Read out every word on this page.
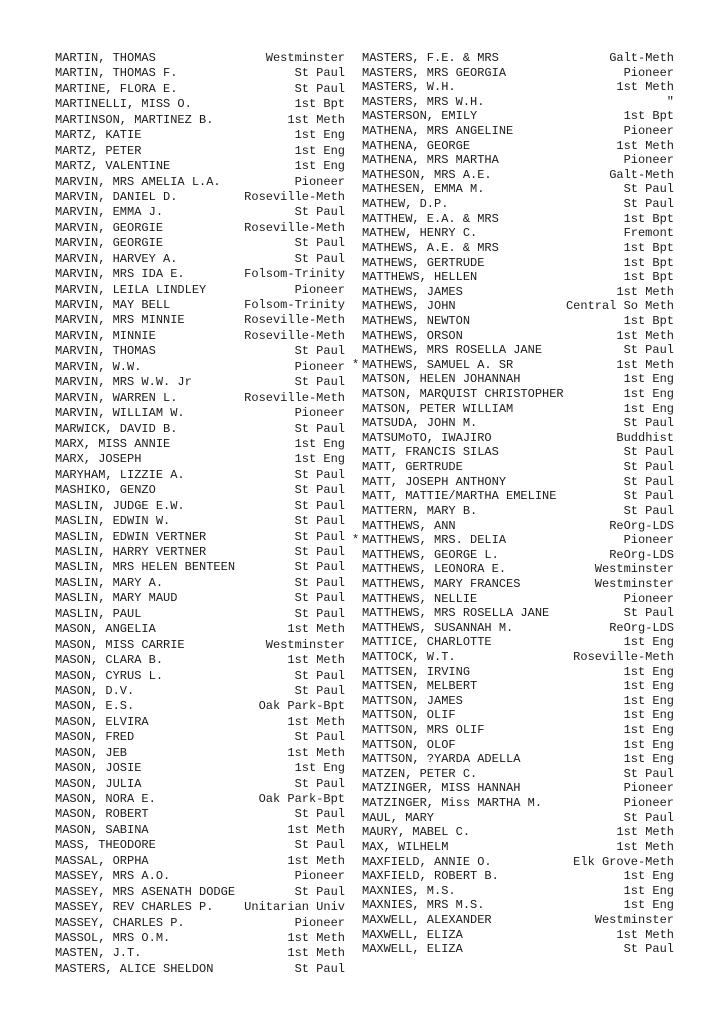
MARTIN, THOMAS	Westminster
MARTIN, THOMAS F.	St Paul
MARTINE, FLORA E.	St Paul
MARTINELLI, MISS O.	1st Bpt
MARTINSON, MARTINEZ B.	1st Meth
MARTZ, KATIE	1st Eng
MARTZ, PETER	1st Eng
MARTZ, VALENTINE	1st Eng
MARVIN, MRS AMELIA L.A.	Pioneer
MARVIN, DANIEL D.	Roseville-Meth
MARVIN, EMMA J.	St Paul
MARVIN, GEORGIE	Roseville-Meth
MARVIN, GEORGIE	St Paul
MARVIN, HARVEY A.	St Paul
MARVIN, MRS IDA E.	Folsom-Trinity
MARVIN, LEILA LINDLEY	Pioneer
MARVIN, MAY BELL	Folsom-Trinity
MARVIN, MRS MINNIE	Roseville-Meth
MARVIN, MINNIE	Roseville-Meth
MARVIN, THOMAS	St Paul
MARVIN, W.W.	Pioneer
MARVIN, MRS W.W. Jr	St Paul
MARVIN, WARREN L.	Roseville-Meth
MARVIN, WILLIAM W.	Pioneer
MARWICK, DAVID B.	St Paul
MARX, MISS ANNIE	1st Eng
MARX, JOSEPH	1st Eng
MARYHAM, LIZZIE A.	St Paul
MASHIKO, GENZO	St Paul
MASLIN, JUDGE E.W.	St Paul
MASLIN, EDWIN W.	St Paul
MASLIN, EDWIN VERTNER	St Paul
MASLIN, HARRY VERTNER	St Paul
MASLIN, MRS HELEN BENTEEN	St Paul
MASLIN, MARY A.	St Paul
MASLIN, MARY MAUD	St Paul
MASLIN, PAUL	St Paul
MASON, ANGELIA	1st Meth
MASON, MISS CARRIE	Westminster
MASON, CLARA B.	1st Meth
MASON, CYRUS L.	St Paul
MASON, D.V.	St Paul
MASON, E.S.	Oak Park-Bpt
MASON, ELVIRA	1st Meth
MASON, FRED	St Paul
MASON, JEB	1st Meth
MASON, JOSIE	1st Eng
MASON, JULIA	St Paul
MASON, NORA E.	Oak Park-Bpt
MASON, ROBERT	St Paul
MASON, SABINA	1st Meth
MASS, THEODORE	St Paul
MASSAL, ORPHA	1st Meth
MASSEY, MRS A.O.	Pioneer
MASSEY, MRS ASENATH DODGE	St Paul
MASSEY, REV CHARLES P.	Unitarian Univ
MASSEY, CHARLES P.	Pioneer
MASSOL, MRS O.M.	1st Meth
MASTEN, J.T.	1st Meth
MASTERS, ALICE SHELDON	St Paul
MASTERS, F.E. & MRS	Galt-Meth
MASTERS, MRS GEORGIA	Pioneer
MASTERS, W.H.	1st Meth
MASTERS, MRS W.H.	"
MASTERSON, EMILY	1st Bpt
MATHENA, MRS ANGELINE	Pioneer
MATHENA, GEORGE	1st Meth
MATHENA, MRS MARTHA	Pioneer
MATHESON, MRS A.E.	Galt-Meth
MATHESEN, EMMA M.	St Paul
MATHEW, D.P.	St Paul
MATTHEW, E.A. & MRS	1st Bpt
MATHEW, HENRY C.	Fremont
MATHEWS, A.E. & MRS	1st Bpt
MATHEWS, GERTRUDE	1st Bpt
MATTHEWS, HELLEN	1st Bpt
MATHEWS, JAMES	1st Meth
MATHEWS, JOHN	Central So Meth
MATHEWS, NEWTON	1st Bpt
MATHEWS, ORSON	1st Meth
MATHEWS, MRS ROSELLA JANE	St Paul
* MATHEWS, SAMUEL A. SR	1st Meth
MATSON, HELEN JOHANNAH	1st Eng
MATSON, MARQUIST CHRISTOPHER	1st Eng
MATSON, PETER WILLIAM	1st Eng
MATSUDA, JOHN M.	St Paul
MATSUMoTO, IWAJIRO	Buddhist
MATT, FRANCIS SILAS	St Paul
MATT, GERTRUDE	St Paul
MATT, JOSEPH ANTHONY	St Paul
MATT, MATTIE/MARTHA EMELINE	St Paul
MATTERN, MARY B.	St Paul
MATTHEWS, ANN	ReOrg-LDS
* MATTHEWS, MRS. DELIA	Pioneer
MATTHEWS, GEORGE L.	ReOrg-LDS
MATTHEWS, LEONORA E.	Westminster
MATTHEWS, MARY FRANCES	Westminster
MATTHEWS, NELLIE	Pioneer
MATTHEWS, MRS ROSELLA JANE	St Paul
MATTHEWS, SUSANNAH M.	ReOrg-LDS
MATTICE, CHARLOTTE	1st Eng
MATTOCK, W.T.	Roseville-Meth
MATTSEN, IRVING	1st Eng
MATTSEN, MELBERT	1st Eng
MATTSON, JAMES	1st Eng
MATTSON, OLIF	1st Eng
MATTSON, MRS OLIF	1st Eng
MATTSON, OLOF	1st Eng
MATTSON, ?YARDA ADELLA	1st Eng
MATZEN, PETER C.	St Paul
MATZINGER, MISS HANNAH	Pioneer
MATZINGER, Miss MARTHA M.	Pioneer
MAUL, MARY	St Paul
MAURY, MABEL C.	1st Meth
MAX, WILHELM	1st Meth
MAXFIELD, ANNIE O.	Elk Grove-Meth
MAXFIELD, ROBERT B.	1st Eng
MAXNIES, M.S.	1st Eng
MAXNIES, MRS M.S.	1st Eng
MAXWELL, ALEXANDER	Westminster
MAXWELL, ELIZA	1st Meth
MAXWELL, ELIZA	St Paul
